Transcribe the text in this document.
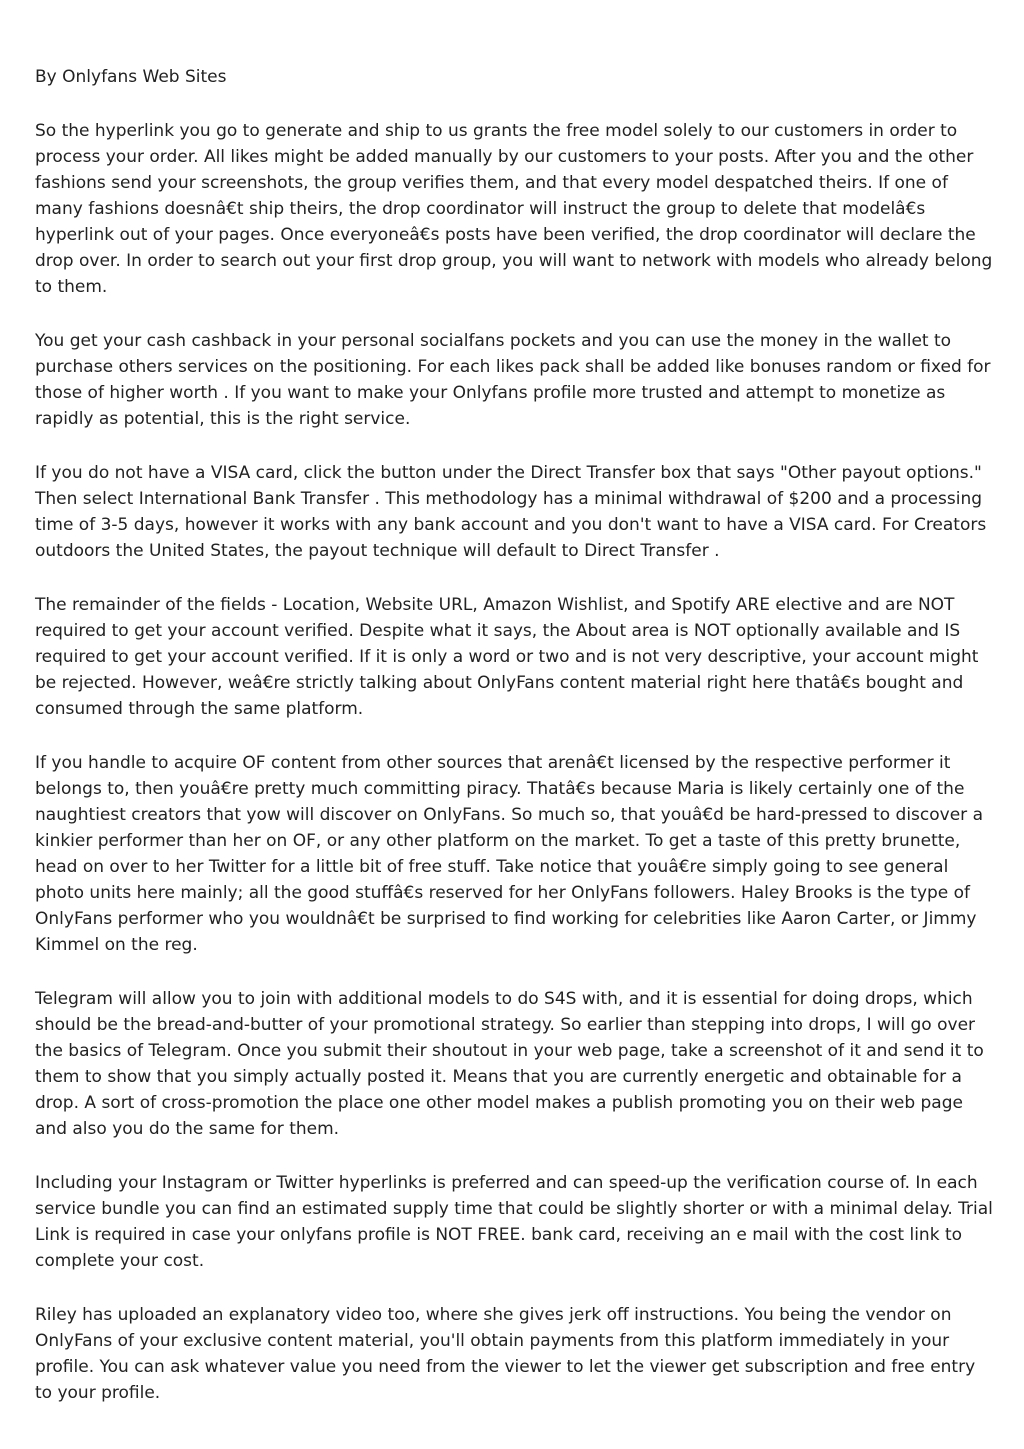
By Onlyfans Web Sites

So the hyperlink you go to generate and ship to us grants the free model solely to our customers in order to process your order. All likes might be added manually by our customers to your posts. After you and the other fashions send your screenshots, the group verifies them, and that every model despatched theirs. If one of many fashions doesnâ€t ship theirs, the drop coordinator will instruct the group to delete that modelâ€s hyperlink out of your pages. Once everyoneâ€s posts have been verified, the drop coordinator will declare the drop over. In order to search out your first drop group, you will want to network with models who already belong to them.

You get your cash cashback in your personal socialfans pockets and you can use the money in the wallet to purchase others services on the positioning. For each likes pack shall be added like bonuses random or fixed for those of higher worth . If you want to make your Onlyfans profile more trusted and attempt to monetize as rapidly as potential, this is the right service.

If you do not have a VISA card, click the button under the Direct Transfer box that says "Other payout options." Then select International Bank Transfer . This methodology has a minimal withdrawal of $200 and a processing time of 3-5 days, however it works with any bank account and you don't want to have a VISA card. For Creators outdoors the United States, the payout technique will default to Direct Transfer .

The remainder of the fields - Location, Website URL, Amazon Wishlist, and Spotify ARE elective and are NOT required to get your account verified. Despite what it says, the About area is NOT optionally available and IS required to get your account verified. If it is only a word or two and is not very descriptive, your account might be rejected. However, weâ€re strictly talking about OnlyFans content material right here thatâ€s bought and consumed through the same platform.

If you handle to acquire OF content from other sources that arenâ€t licensed by the respective performer it belongs to, then youâ€re pretty much committing piracy. Thatâ€s because Maria is likely certainly one of the naughtiest creators that yow will discover on OnlyFans. So much so, that youâ€d be hard-pressed to discover a kinkier performer than her on OF, or any other platform on the market. To get a taste of this pretty brunette, head on over to her Twitter for a little bit of free stuff. Take notice that youâ€re simply going to see general photo units here mainly; all the good stuffâ€s reserved for her OnlyFans followers. Haley Brooks is the type of OnlyFans performer who you wouldnâ€t be surprised to find working for celebrities like Aaron Carter, or Jimmy Kimmel on the reg.

Telegram will allow you to join with additional models to do S4S with, and it is essential for doing drops, which should be the bread-and-butter of your promotional strategy. So earlier than stepping into drops, I will go over the basics of Telegram. Once you submit their shoutout in your web page, take a screenshot of it and send it to them to show that you simply actually posted it. Means that you are currently energetic and obtainable for a drop. A sort of cross-promotion the place one other model makes a publish promoting you on their web page and also you do the same for them.

Including your Instagram or Twitter hyperlinks is preferred and can speed-up the verification course of. In each service bundle you can find an estimated supply time that could be slightly shorter or with a minimal delay. Trial Link is required in case your onlyfans profile is NOT FREE. bank card, receiving an e mail with the cost link to complete your cost.

Riley has uploaded an explanatory video too, where she gives jerk off instructions. You being the vendor on OnlyFans of your exclusive content material, you'll obtain payments from this platform immediately in your profile. You can ask whatever value you need from the viewer to let the viewer get subscription and free entry to your profile.
